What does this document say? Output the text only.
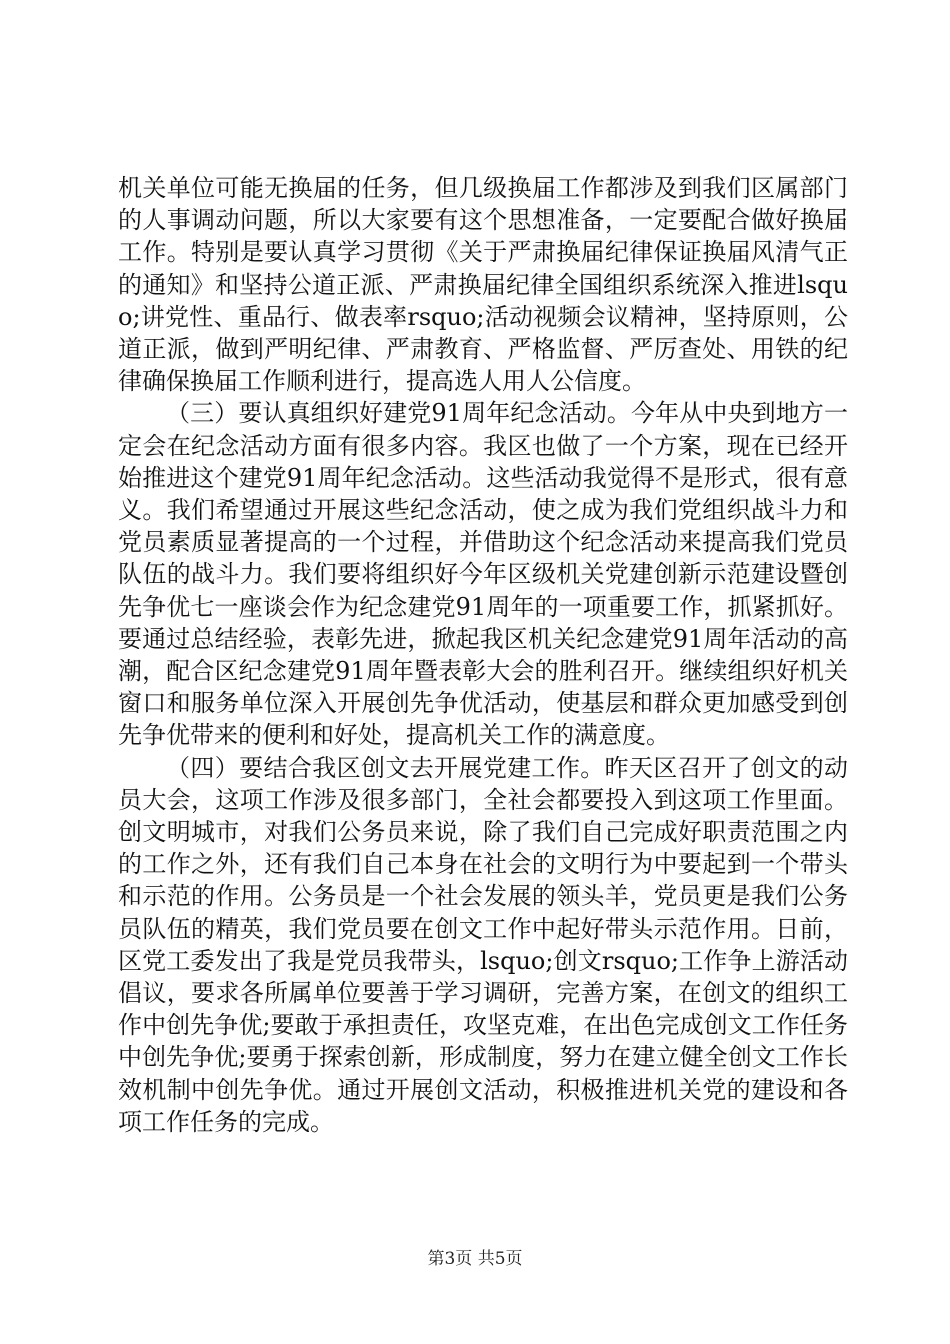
机关单位可能无换届的任务，但几级换届工作都涉及到我们区属部门的人事调动问题，所以大家要有这个思想准备，一定要配合做好换届工作。特别是要认真学习贯彻《关于严肃换届纪律保证换届风清气正的通知》和坚持公道正派、严肃换届纪律全国组织系统深入推进lsquo;讲党性、重品行、做表率rsquo;活动视频会议精神，坚持原则，公道正派，做到严明纪律、严肃教育、严格监督、严厉查处、用铁的纪律确保换届工作顺利进行，提高选人用人公信度。

（三）要认真组织好建党91周年纪念活动。今年从中央到地方一定会在纪念活动方面有很多内容。我区也做了一个方案，现在已经开始推进这个建党91周年纪念活动。这些活动我觉得不是形式，很有意义。我们希望通过开展这些纪念活动，使之成为我们党组织战斗力和党员素质显著提高的一个过程，并借助这个纪念活动来提高我们党员队伍的战斗力。我们要将组织好今年区级机关党建创新示范建设暨创先争优七一座谈会作为纪念建党91周年的一项重要工作，抓紧抓好。要通过总结经验，表彰先进，掀起我区机关纪念建党91周年活动的高潮，配合区纪念建党91周年暨表彰大会的胜利召开。继续组织好机关窗口和服务单位深入开展创先争优活动，使基层和群众更加感受到创先争优带来的便利和好处，提高机关工作的满意度。

（四）要结合我区创文去开展党建工作。昨天区召开了创文的动员大会，这项工作涉及很多部门，全社会都要投入到这项工作里面。创文明城市，对我们公务员来说，除了我们自己完成好职责范围之内的工作之外，还有我们自己本身在社会的文明行为中要起到一个带头和示范的作用。公务员是一个社会发展的领头羊，党员更是我们公务员队伍的精英，我们党员要在创文工作中起好带头示范作用。日前，区党工委发出了我是党员我带头，lsquo;创文rsquo;工作争上游活动倡议，要求各所属单位要善于学习调研，完善方案，在创文的组织工作中创先争优;要敢于承担责任，攻坚克难，在出色完成创文工作任务中创先争优;要勇于探索创新，形成制度，努力在建立健全创文工作长效机制中创先争优。通过开展创文活动，积极推进机关党的建设和各项工作任务的完成。

第3页 共5页
